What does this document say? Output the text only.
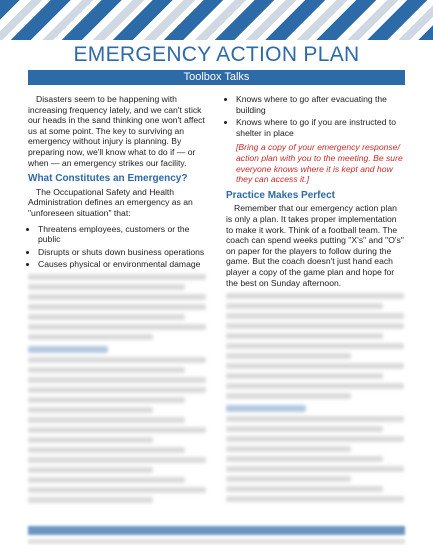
EMERGENCY ACTION PLAN
Toolbox Talks

Disasters seem to be happening with increasing frequency lately, and we can't stick our heads in the sand thinking one won't affect us at some point. The key to surviving an emergency without injury is planning. By preparing now, we'll know what to do if — or when — an emergency strikes our facility.

What Constitutes an Emergency?

The Occupational Safety and Health Administration defines an emergency as an "unforeseen situation" that:

• Threatens employees, customers or the public
• Disrupts or shuts down business operations
• Causes physical or environmental damage
• Knows where to go after evacuating the building
• Knows where to go if you are instructed to shelter in place

[Bring a copy of your emergency response/ action plan with you to the meeting. Be sure everyone knows where it is kept and how they can access it.]

Practice Makes Perfect

Remember that our emergency action plan is only a plan. It takes proper implementation to make it work. Think of a football team. The coach can spend weeks putting "X's" and "O's" on paper for the players to follow during the game. But the coach doesn't just hand each player a copy of the game plan and hope for the best on Sunday afternoon.
